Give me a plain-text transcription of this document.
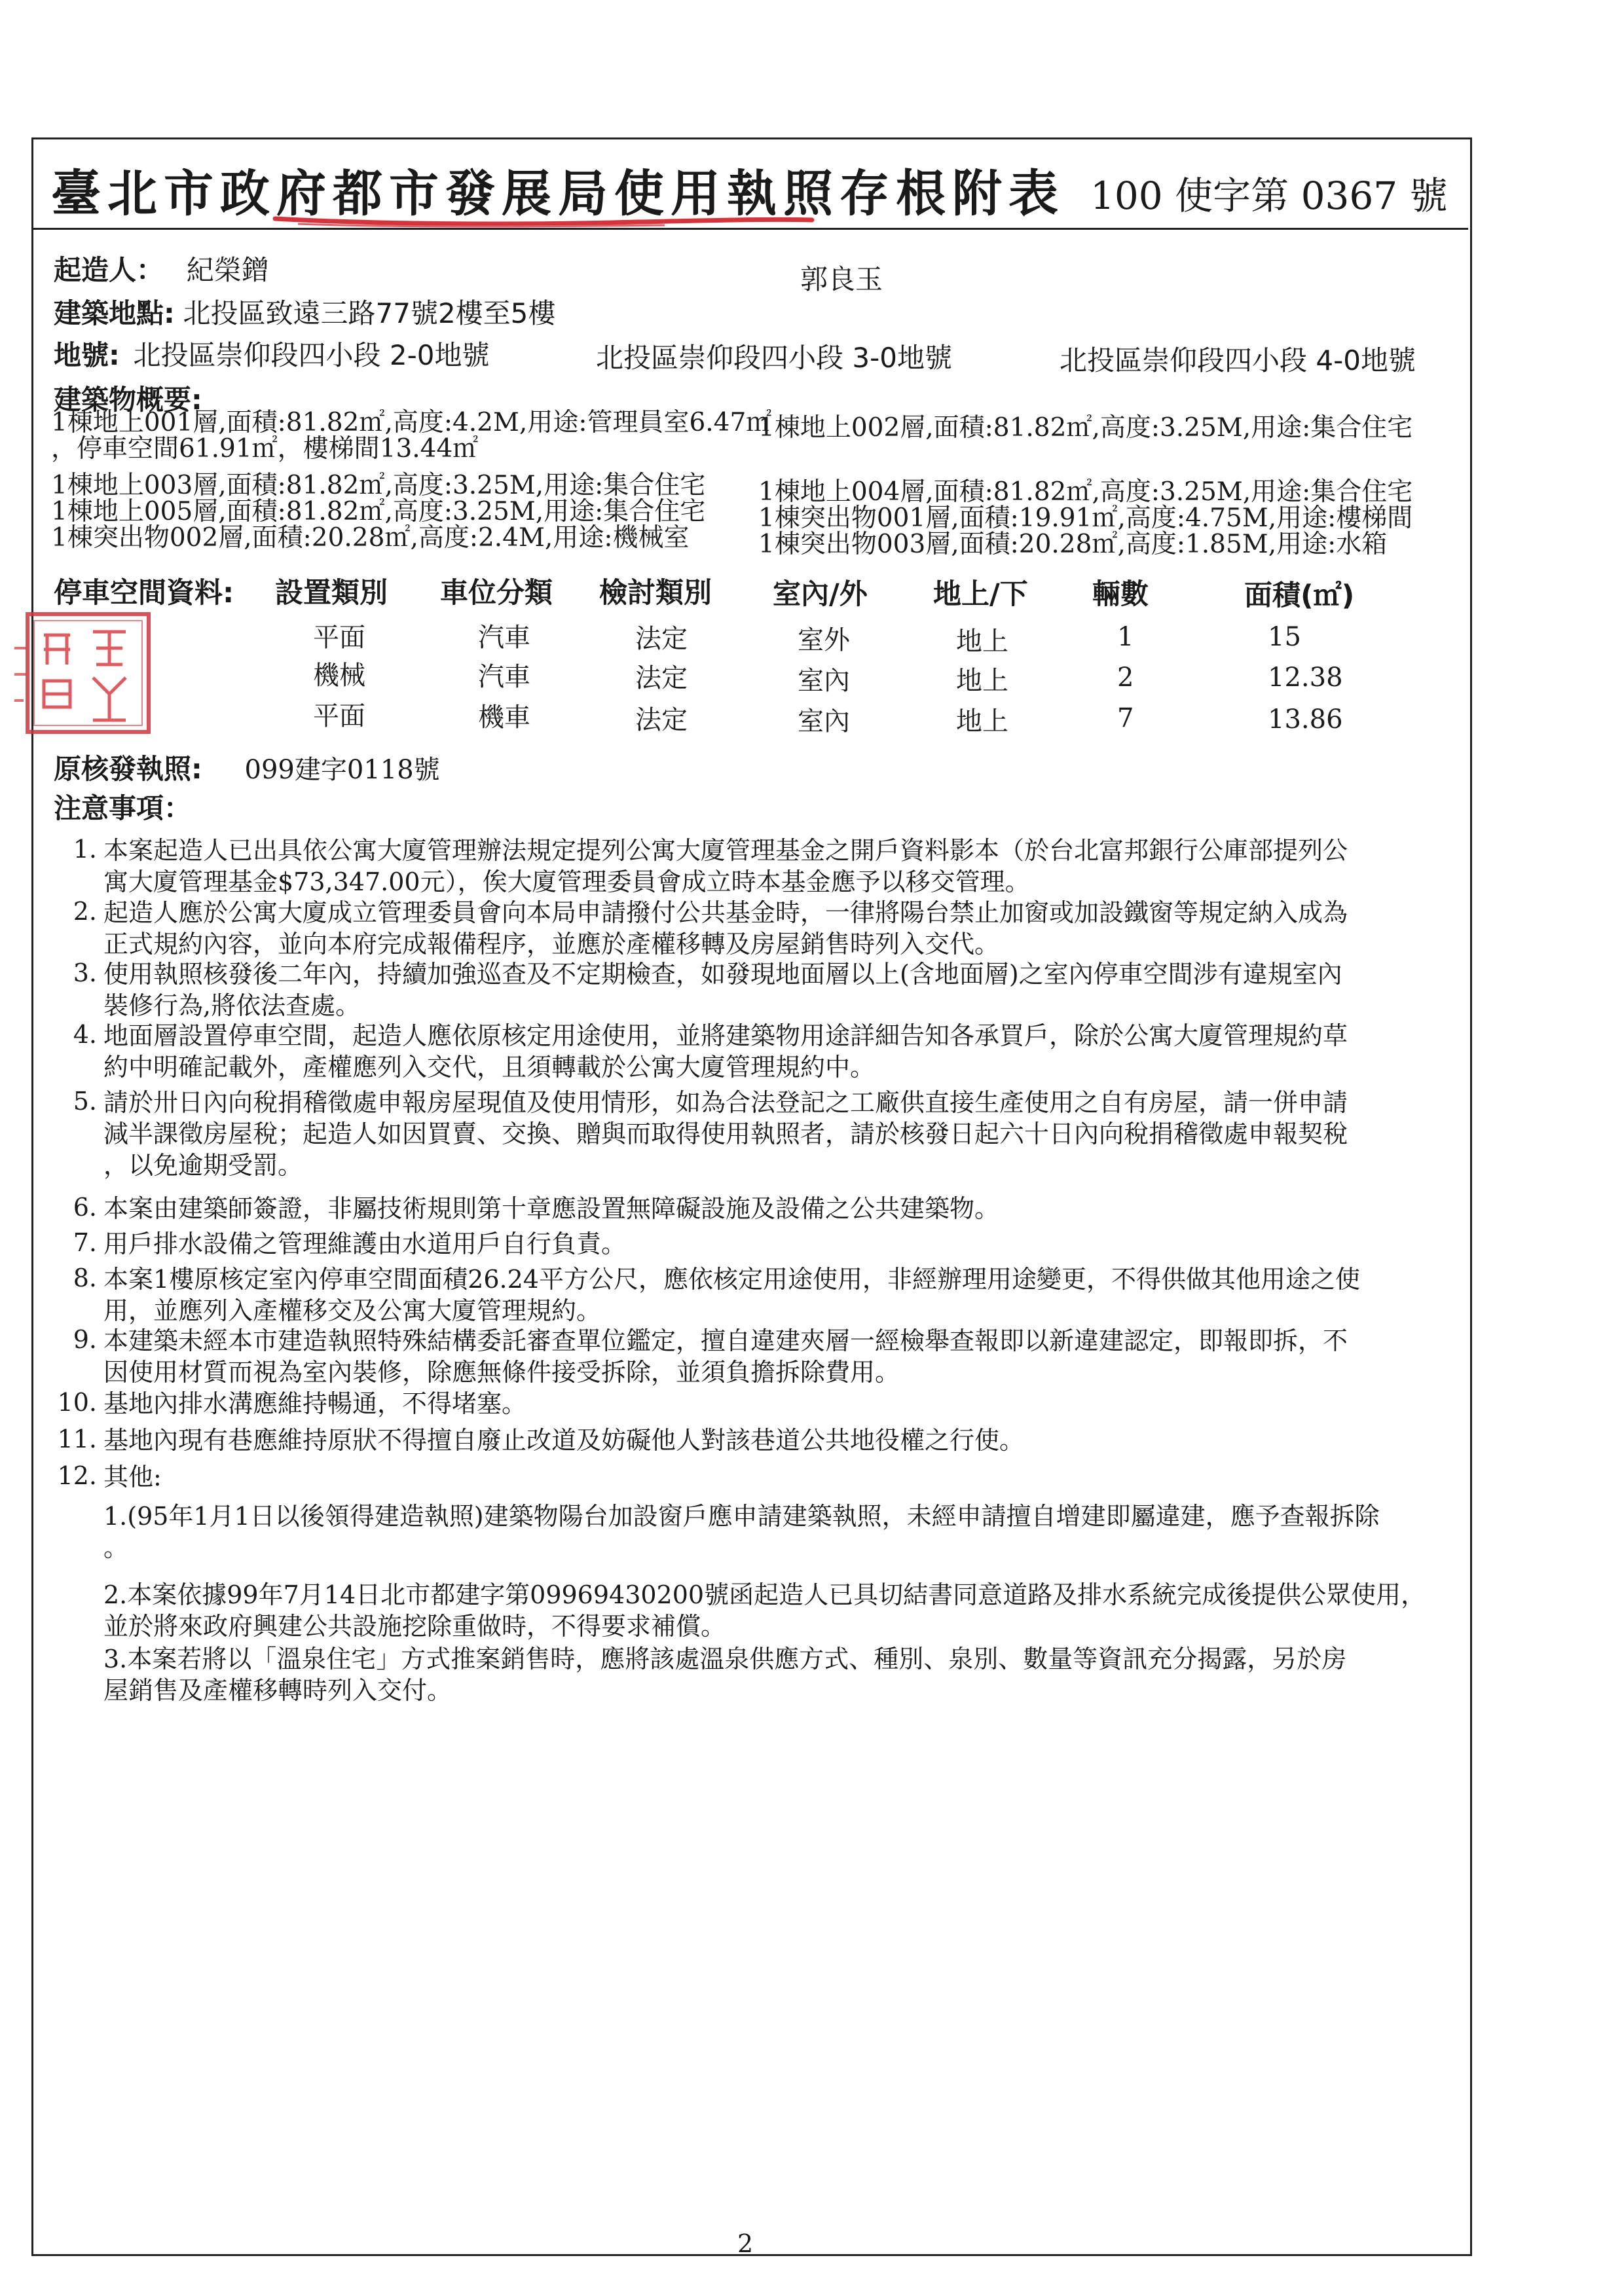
臺北市政府都市發展局使用執照存根附表 100 使字第 0367 號
起造人： 紀榮鏳	郭良玉
建築地點: 北投區致遠三路77號2樓至5樓
地號: 北投區崇仰段四小段 2-0地號	北投區崇仰段四小段 3-0地號	北投區崇仰段四小段 4-0地號
建築物概要:
1棟地上001層,面積:81.82㎡,高度:4.2M,用途:管理員室6.47㎡
，停車空間61.91㎡，樓梯間13.44㎡
1棟地上003層,面積:81.82㎡,高度:3.25M,用途:集合住宅
1棟地上005層,面積:81.82㎡,高度:3.25M,用途:集合住宅
1棟突出物002層,面積:20.28㎡,高度:2.4M,用途:機械室
1棟地上002層,面積:81.82㎡,高度:3.25M,用途:集合住宅
1棟地上004層,面積:81.82㎡,高度:3.25M,用途:集合住宅
1棟突出物001層,面積:19.91㎡,高度:4.75M,用途:樓梯間
1棟突出物003層,面積:20.28㎡,高度:1.85M,用途:水箱
停車空間資料: 設置類別 車位分類 檢討類別 室內/外 地上/下 輛數	面積(㎡)
平面	汽車	法定	室外	地上	1	15
機械	汽車	法定	室內	地上	2	12.38
平面	機車	法定	室內	地上	7	13.86
原核發執照: 099建字0118號
注意事項：
1. 本案起造人已出具依公寓大廈管理辦法規定提列公寓大廈管理基金之開戶資料影本（於台北富邦銀行公庫部提列公
寓大廈管理基金$73,347.00元），俟大廈管理委員會成立時本基金應予以移交管理。
2. 起造人應於公寓大廈成立管理委員會向本局申請撥付公共基金時，一律將陽台禁止加窗或加設鐵窗等規定納入成為
正式規約內容，並向本府完成報備程序，並應於產權移轉及房屋銷售時列入交代。
3. 使用執照核發後二年內，持續加強巡查及不定期檢查，如發現地面層以上(含地面層)之室內停車空間涉有違規室內
裝修行為,將依法查處。
4. 地面層設置停車空間，起造人應依原核定用途使用，並將建築物用途詳細告知各承買戶，除於公寓大廈管理規約草
約中明確記載外，產權應列入交代，且須轉載於公寓大廈管理規約中。
5. 請於卅日內向稅捐稽徵處申報房屋現值及使用情形，如為合法登記之工廠供直接生產使用之自有房屋，請一併申請
減半課徵房屋稅；起造人如因買賣、交換、贈與而取得使用執照者，請於核發日起六十日內向稅捐稽徵處申報契稅
，以免逾期受罰。
6. 本案由建築師簽證，非屬技術規則第十章應設置無障礙設施及設備之公共建築物。
7. 用戶排水設備之管理維護由水道用戶自行負責。
8. 本案1樓原核定室內停車空間面積26.24平方公尺，應依核定用途使用，非經辦理用途變更，不得供做其他用途之使
用，並應列入產權移交及公寓大廈管理規約。
9. 本建築未經本市建造執照特殊結構委託審查單位鑑定，擅自違建夾層一經檢舉查報即以新違建認定，即報即拆，不
因使用材質而視為室內裝修，除應無條件接受拆除，並須負擔拆除費用。
10. 基地內排水溝應維持暢通，不得堵塞。
11. 基地內現有巷應維持原狀不得擅自廢止改道及妨礙他人對該巷道公共地役權之行使。
12. 其他:
1.(95年1月1日以後領得建造執照)建築物陽台加設窗戶應申請建築執照，未經申請擅自增建即屬違建，應予查報拆除
。
2.本案依據99年7月14日北市都建字第09969430200號函起造人已具切結書同意道路及排水系統完成後提供公眾使用，
並於將來政府興建公共設施挖除重做時，不得要求補償。
3.本案若將以「溫泉住宅」方式推案銷售時，應將該處溫泉供應方式、種別、泉別、數量等資訊充分揭露，另於房
屋銷售及產權移轉時列入交付。
2
